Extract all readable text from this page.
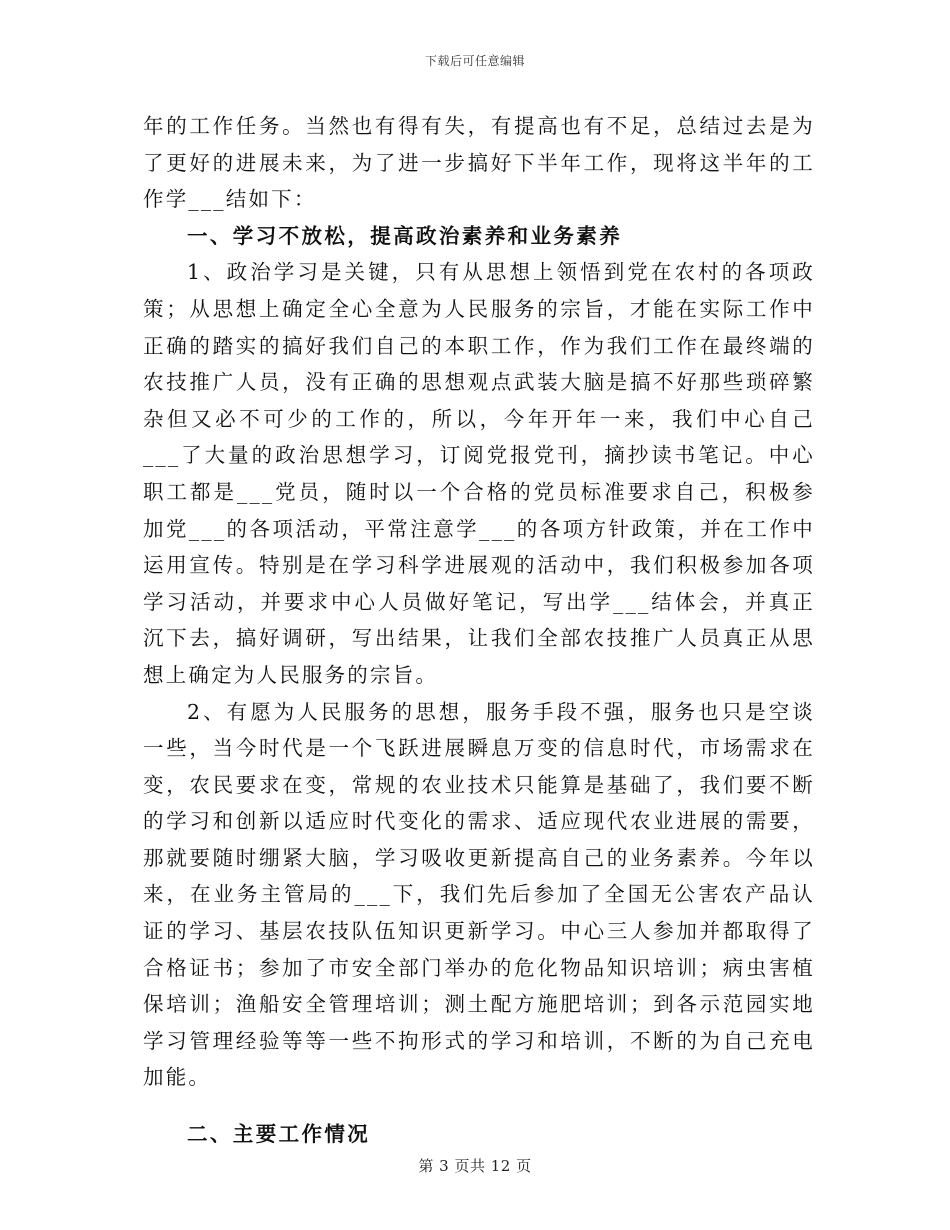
下载后可任意编辑

年的工作任务。当然也有得有失，有提高也有不足，总结过去是为了更好的进展未来，为了进一步搞好下半年工作，现将这半年的工作学___结如下：

一、学习不放松，提高政治素养和业务素养

1、政治学习是关键，只有从思想上领悟到党在农村的各项政策；从思想上确定全心全意为人民服务的宗旨，才能在实际工作中正确的踏实的搞好我们自己的本职工作，作为我们工作在最终端的农技推广人员，没有正确的思想观点武装大脑是搞不好那些琐碎繁杂但又必不可少的工作的，所以，今年开年一来，我们中心自己___了大量的政治思想学习，订阅党报党刊，摘抄读书笔记。中心职工都是___党员，随时以一个合格的党员标准要求自己，积极参加党___的各项活动，平常注意学___的各项方针政策，并在工作中运用宣传。特别是在学习科学进展观的活动中，我们积极参加各项学习活动，并要求中心人员做好笔记，写出学___结体会，并真正沉下去，搞好调研，写出结果，让我们全部农技推广人员真正从思想上确定为人民服务的宗旨。

2、有愿为人民服务的思想，服务手段不强，服务也只是空谈一些，当今时代是一个飞跃进展瞬息万变的信息时代，市场需求在变，农民要求在变，常规的农业技术只能算是基础了，我们要不断的学习和创新以适应时代变化的需求、适应现代农业进展的需要，那就要随时绷紧大脑，学习吸收更新提高自己的业务素养。今年以来，在业务主管局的___下，我们先后参加了全国无公害农产品认证的学习、基层农技队伍知识更新学习。中心三人参加并都取得了合格证书；参加了市安全部门举办的危化物品知识培训；病虫害植保培训；渔船安全管理培训；测土配方施肥培训；到各示范园实地学习管理经验等等一些不拘形式的学习和培训，不断的为自己充电加能。

二、主要工作情况

第 3 页共 12 页
